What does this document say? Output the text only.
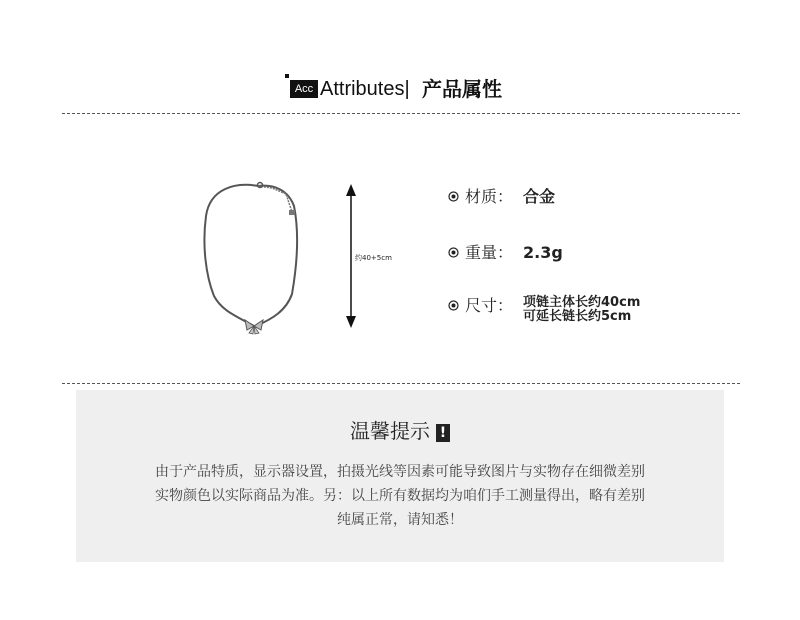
Acc Attributes| 产品属性
约40+5cm
材质： 合金
重量： 2.3g
尺寸： 项链主体长约40cm
可延长链长约5cm
温馨提示 !
由于产品特质，显示器设置，拍摄光线等因素可能导致图片与实物存在细微差别
实物颜色以实际商品为准。另：以上所有数据均为咱们手工测量得出，略有差别
纯属正常，请知悉！
